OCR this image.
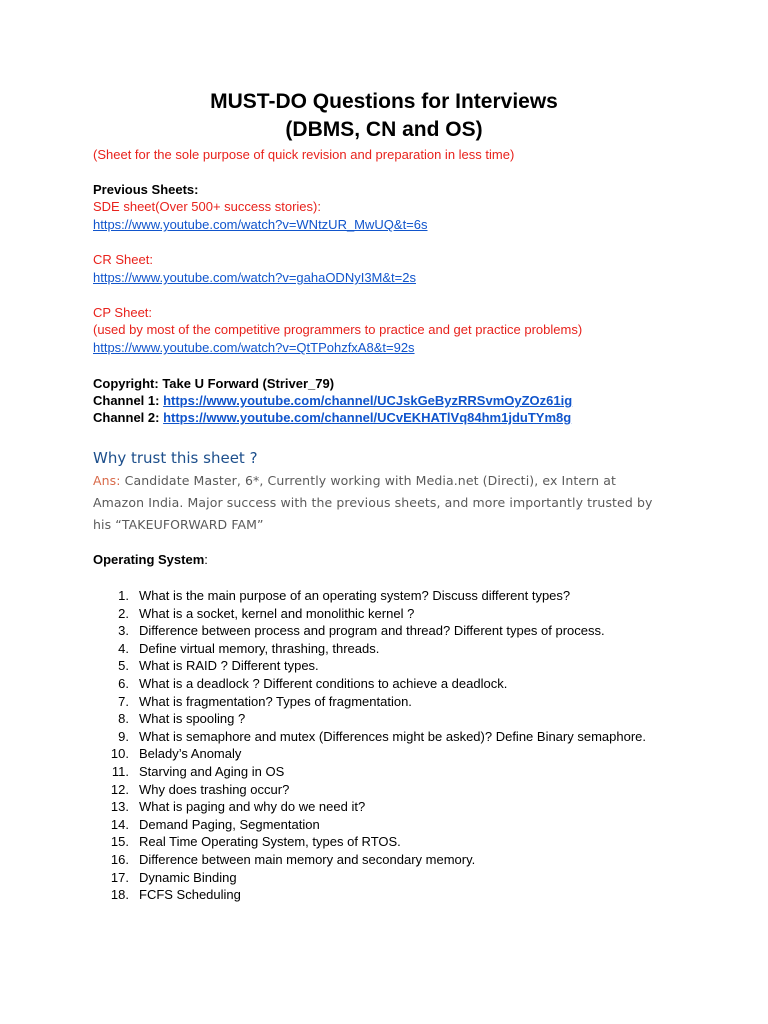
MUST-DO Questions for Interviews
(DBMS, CN and OS)
(Sheet for the sole purpose of quick revision and preparation in less time)
Previous Sheets:
SDE sheet(Over 500+ success stories):
https://www.youtube.com/watch?v=WNtzUR_MwUQ&t=6s
CR Sheet:
https://www.youtube.com/watch?v=gahaODNyI3M&t=2s
CP Sheet:
(used by most of the competitive programmers to practice and get practice problems)
https://www.youtube.com/watch?v=QtTPohzfxA8&t=92s
Copyright: Take U Forward (Striver_79)
Channel 1: https://www.youtube.com/channel/UCJskGeByzRRSvmOyZOz61ig
Channel 2: https://www.youtube.com/channel/UCvEKHATlVq84hm1jduTYm8g
Why trust this sheet ?
Ans: Candidate Master, 6*, Currently working with Media.net (Directi), ex Intern at Amazon India. Major success with the previous sheets, and more importantly trusted by his “TAKEUFORWARD FAM”
Operating System:
1. What is the main purpose of an operating system? Discuss different types?
2. What is a socket, kernel and monolithic kernel ?
3. Difference between process and program and thread? Different types of process.
4. Define virtual memory, thrashing, threads.
5. What is RAID ? Different types.
6. What is a deadlock ? Different conditions to achieve a deadlock.
7. What is fragmentation? Types of fragmentation.
8. What is spooling ?
9. What is semaphore and mutex (Differences might be asked)? Define Binary semaphore.
10. Belady’s Anomaly
11. Starving and Aging in OS
12. Why does trashing occur?
13. What is paging and why do we need it?
14. Demand Paging, Segmentation
15. Real Time Operating System, types of RTOS.
16. Difference between main memory and secondary memory.
17. Dynamic Binding
18. FCFS Scheduling
